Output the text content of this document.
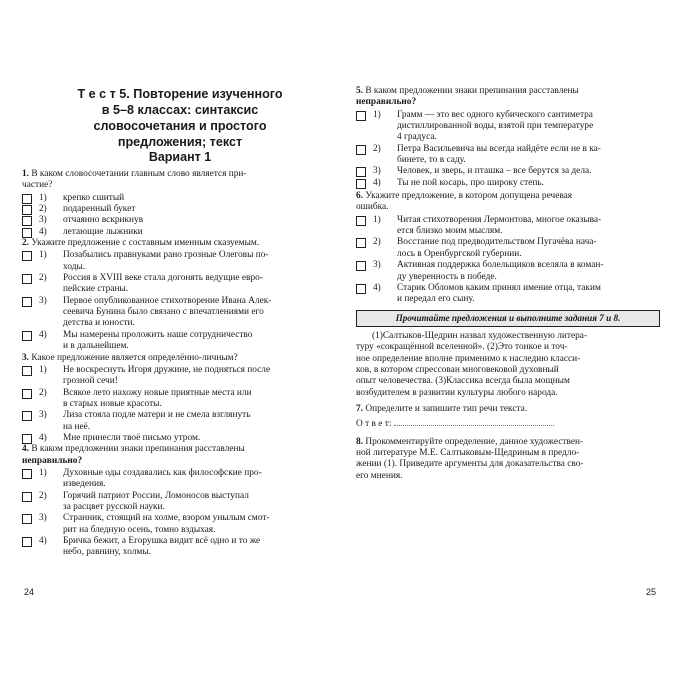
Т е с т 5. Повторение изученного
в 5–8 классах: синтаксис
словосочетания и простого
предложения; текст
Вариант 1
1. В каком словосочетании главным слово является при-
частие?
1) крепко сшитый
2) подаренный букет
3) отчаянно вскрикнув
4) летающие лыжники
2. Укажите предложение с составным именным сказуемым.
1) Позабылись правнуками рано грозные Олеговы по-
ходы.
2) Россия в XVIII веке стала догонять ведущие евро-
пейские страны.
3) Первое опубликованное стихотворение Ивана Алек-
сеевича Бунина было связано с впечатлениями его
детства и юности.
4) Мы намерены проложить наше сотрудничество
и в дальнейшем.
3. Какое предложение является определённо-личным?
1) Не воскреснуть Игоря дружине, не подняться после
грозной сечи!
2) Всякое лето нахожу новые приятные места или
в старых новые красоты.
3) Лиза стояла подле матери и не смела взглянуть
на неё.
4) Мне принесли твоё письмо утром.
4. В каком предложении знаки препинания расставлены
неправильно?
1) Духовные оды создавались как философские про-
изведения.
2) Горячий патриот России, Ломоносов выступал
за расцвет русской науки.
3) Странник, стоящий на холме, взором унылым смот-
рит на бледную осень, томно вздыхая.
4) Бричка бежит, а Егорушка видит всё одно и то же
небо, равнину, холмы.
24
5. В каком предложении знаки препинания расставлены
неправильно?
1) Грамм — это вес одного кубического сантиметра
дистиллированной воды, взятой при температуре
4 градуса.
2) Петра Васильевича вы всегда найдёте если не в ка-
бинете, то в саду.
3) Человек, и зверь, и пташка – все берутся за дела.
4) Ты не пой косарь, про широку степь.
6. Укажите предложение, в котором допущена речевая
ошибка.
1) Читая стихотворения Лермонтова, многое оказыва-
ется близко моим мыслям.
2) Восстание под предводительством Пугачёва нача-
лось в Оренбургской губернии.
3) Активная поддержка болельщиков вселяла в коман-
ду уверенность в победе.
4) Старик Обломов каким принял имение отца, таким
и передал его сыну.
Прочитайте предложения и выполните задания 7 и 8.
(1)Салтыков-Щедрин назвал художественную литера-
туру «сокращённой вселенной». (2)Это тонкое и точ-
ное определение вполне применимо к наследию класси-
ков, в котором спрессован многовековой духовный
опыт человечества. (3)Классика всегда была мощным
возбудителем в развитии культуры любого народа.
7. Определите и запишите тип речи текста.
О т в е т:
8. Прокомментируйте определение, данное художествен-
ной литературе М.Е. Салтыковым-Щедриным в предло-
жении (1). Приведите аргументы для доказательства сво-
его мнения.
25
